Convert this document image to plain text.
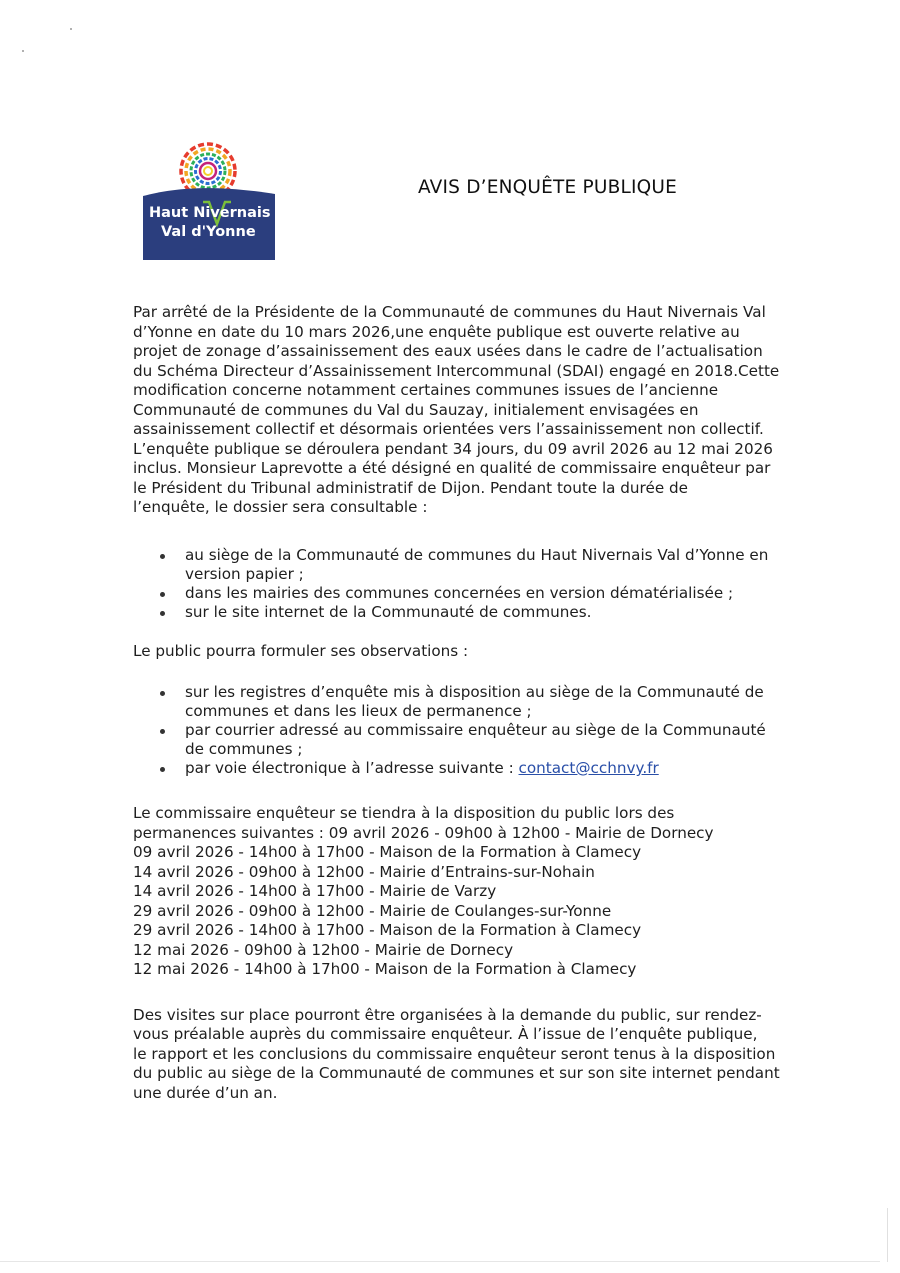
Haut Nivernais
Val d'Yonne
AVIS D’ENQUÊTE PUBLIQUE

Par arrêté de la Présidente de la Communauté de communes du Haut Nivernais Val
d’Yonne en date du 10 mars 2026,une enquête publique est ouverte relative au
projet de zonage d’assainissement des eaux usées dans le cadre de l’actualisation
du Schéma Directeur d’Assainissement Intercommunal (SDAI) engagé en 2018.Cette
modification concerne notamment certaines communes issues de l’ancienne
Communauté de communes du Val du Sauzay, initialement envisagées en
assainissement collectif et désormais orientées vers l’assainissement non collectif.
L’enquête publique se déroulera pendant 34 jours, du 09 avril 2026 au 12 mai 2026
inclus. Monsieur Laprevotte a été désigné en qualité de commissaire enquêteur par
le Président du Tribunal administratif de Dijon. Pendant toute la durée de
l’enquête, le dossier sera consultable :

au siège de la Communauté de communes du Haut Nivernais Val d’Yonne en
version papier ;
dans les mairies des communes concernées en version dématérialisée ;
sur le site internet de la Communauté de communes.

Le public pourra formuler ses observations :

sur les registres d’enquête mis à disposition au siège de la Communauté de
communes et dans les lieux de permanence ;
par courrier adressé au commissaire enquêteur au siège de la Communauté
de communes ;
par voie électronique à l’adresse suivante : contact@cchnvy.fr

Le commissaire enquêteur se tiendra à la disposition du public lors des
permanences suivantes : 09 avril 2026 - 09h00 à 12h00 - Mairie de Dornecy
09 avril 2026 - 14h00 à 17h00 - Maison de la Formation à Clamecy
14 avril 2026 - 09h00 à 12h00 - Mairie d’Entrains-sur-Nohain
14 avril 2026 - 14h00 à 17h00 - Mairie de Varzy
29 avril 2026 - 09h00 à 12h00 - Mairie de Coulanges-sur-Yonne
29 avril 2026 - 14h00 à 17h00 - Maison de la Formation à Clamecy
12 mai 2026 - 09h00 à 12h00 - Mairie de Dornecy
12 mai 2026 - 14h00 à 17h00 - Maison de la Formation à Clamecy

Des visites sur place pourront être organisées à la demande du public, sur rendez-
vous préalable auprès du commissaire enquêteur. À l’issue de l’enquête publique,
le rapport et les conclusions du commissaire enquêteur seront tenus à la disposition
du public au siège de la Communauté de communes et sur son site internet pendant
une durée d’un an.
